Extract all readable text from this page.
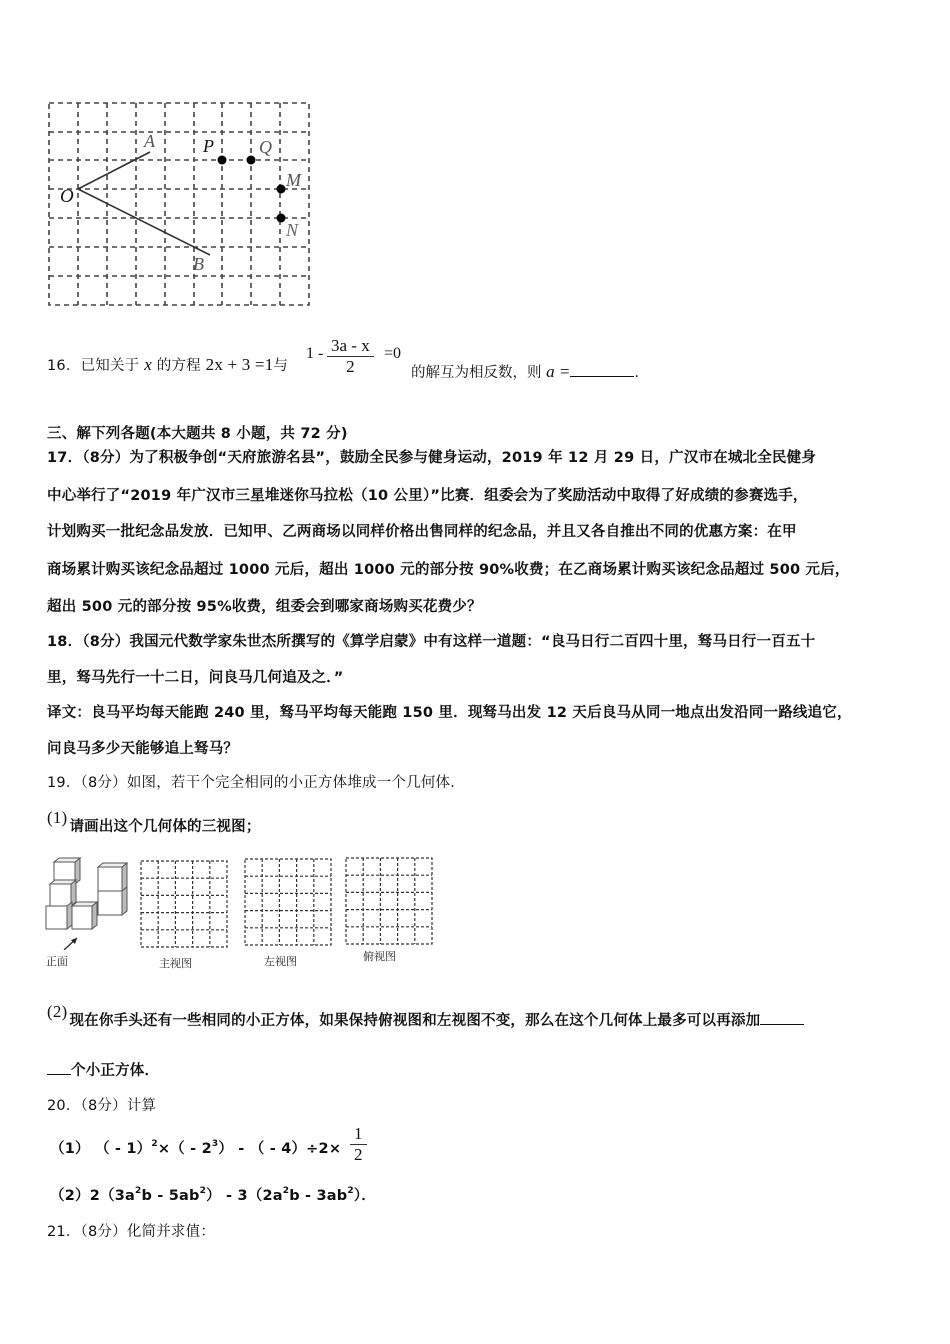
O
A
B
P	Q
M
N
16．已知关于 x 的方程 2x + 3 =1与
$1 - \frac{3a - x}{2} =0$
的解互为相反数，则 a =	.
三、解下列各题(本大题共 8 小题，共 72 分)
17．（8分）为了积极争创“天府旅游名县”，鼓励全民参与健身运动，2019 年 12 月 29 日，广汉市在城北全民健身
中心举行了“2019 年广汉市三星堆迷你马拉松（10 公里）”比赛．组委会为了奖励活动中取得了好成绩的参赛选手，
计划购买一批纪念品发放．已知甲、乙两商场以同样价格出售同样的纪念品，并且又各自推出不同的优惠方案：在甲
商场累计购买该纪念品超过 1000 元后，超出 1000 元的部分按 90%收费；在乙商场累计购买该纪念品超过 500 元后，
超出 500 元的部分按 95%收费，组委会到哪家商场购买花费少？
18．（8分）我国元代数学家朱世杰所撰写的《算学启蒙》中有这样一道题：“良马日行二百四十里，驽马日行一百五十
里，驽马先行一十二日，问良马几何追及之．”
译文：良马平均每天能跑 240 里，驽马平均每天能跑 150 里．现驽马出发 12 天后良马从同一地点出发沿同一路线追它，
问良马多少天能够追上驽马？
19．（8分）如图，若干个完全相同的小正方体堆成一个几何体．
(1) 请画出这个几何体的三视图；
正面	主视图	左视图	俯视图
(2) 现在你手头还有一些相同的小正方体，如果保持俯视图和左视图不变，那么在这个几何体上最多可以再添加
个小正方体．
20．（8分）计算
（1） （ - $1)^2\times( - 2^3)$ - （ - $4)\div 2\times \frac{1}{2}$
$(2)2(3a^2b - 5ab^2) - 3(2a^2b - 3ab^2)$．
21．（8分）化简并求值：
